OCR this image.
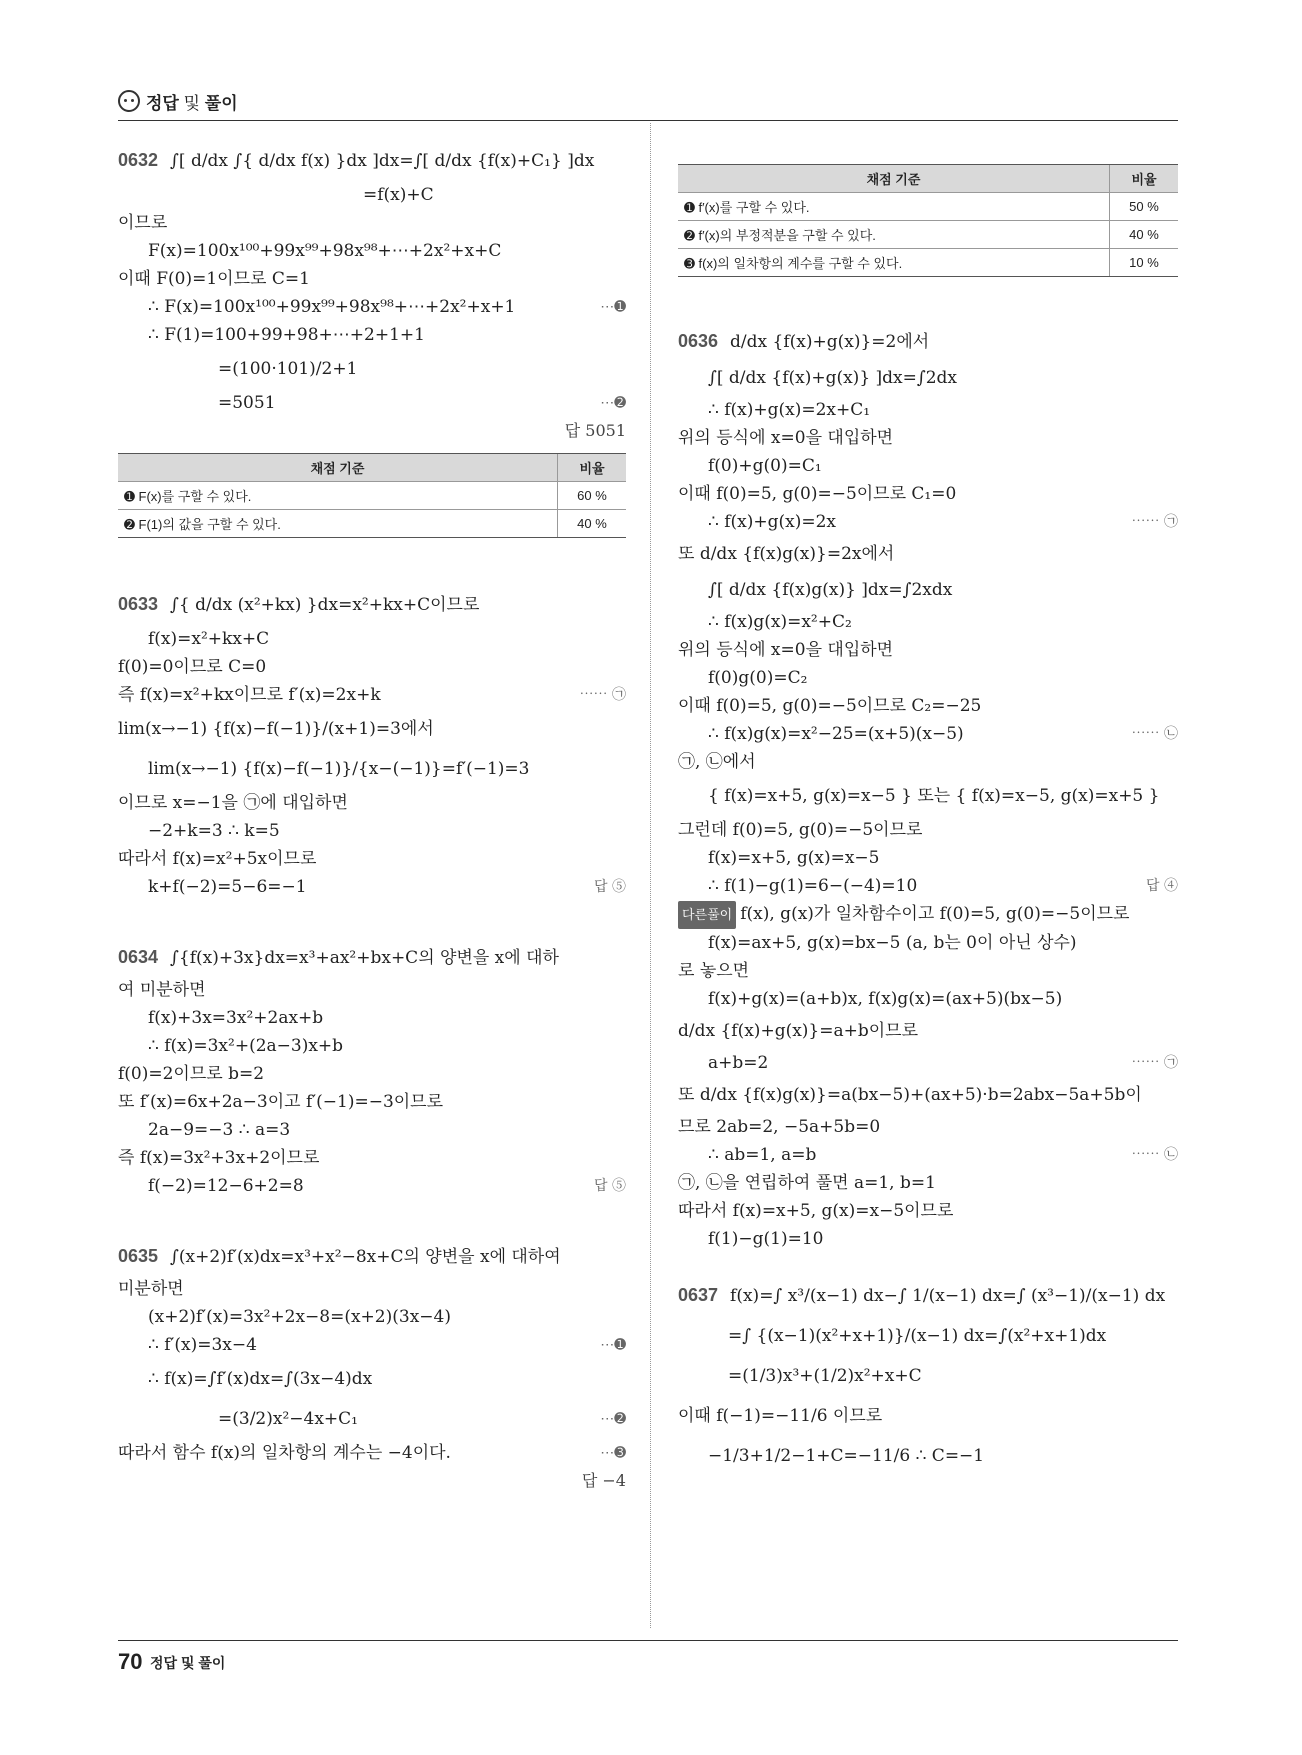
정답 및 풀이
0632 ∫[ d/dx ∫{ d/dx f(x) }dx ]dx=∫[ d/dx {f(x)+C₁} ]dx
=f(x)+C
이므로
F(x)=100x¹⁰⁰+99x⁹⁹+98x⁹⁸+⋯+2x²+x+C
이때 F(0)=1이므로 C=1
∴ F(x)=100x¹⁰⁰+99x⁹⁹+98x⁹⁸+⋯+2x²+x+1	⋯➊
∴ F(1)=100+99+98+⋯+2+1+1
=(100·101)/2+1
=5051	⋯➋
답 5051
채점 기준	비율
➊ F(x)를 구할 수 있다.	60 %
➋ F(1)의 값을 구할 수 있다.	40 %
0633 ∫{ d/dx (x²+kx) }dx=x²+kx+C이므로
f(x)=x²+kx+C
f(0)=0이므로 C=0
즉 f(x)=x²+kx이므로 f′(x)=2x+k	⋯⋯ ㉠
lim(x→−1) {f(x)−f(−1)}/(x+1)=3에서
lim(x→−1) {f(x)−f(−1)}/{x−(−1)}=f′(−1)=3
이므로 x=−1을 ㉠에 대입하면
−2+k=3 ∴ k=5
따라서 f(x)=x²+5x이므로
k+f(−2)=5−6=−1	답 ⑤
0634 ∫{f(x)+3x}dx=x³+ax²+bx+C의 양변을 x에 대하
여 미분하면
f(x)+3x=3x²+2ax+b
∴ f(x)=3x²+(2a−3)x+b
f(0)=2이므로 b=2
또 f′(x)=6x+2a−3이고 f′(−1)=−3이므로
2a−9=−3 ∴ a=3
즉 f(x)=3x²+3x+2이므로
f(−2)=12−6+2=8	답 ⑤
0635 ∫(x+2)f′(x)dx=x³+x²−8x+C의 양변을 x에 대하여
미분하면
(x+2)f′(x)=3x²+2x−8=(x+2)(3x−4)
∴ f′(x)=3x−4	⋯➊
∴ f(x)=∫f′(x)dx=∫(3x−4)dx
=(3/2)x²−4x+C₁	⋯➋
따라서 함수 f(x)의 일차항의 계수는 −4이다.	⋯➌
답 −4
채점 기준	비율
➊ f′(x)를 구할 수 있다.	50 %
➋ f′(x)의 부정적분을 구할 수 있다.	40 %
➌ f(x)의 일차항의 계수를 구할 수 있다.	10 %
0636 d/dx {f(x)+g(x)}=2에서
∫[ d/dx {f(x)+g(x)} ]dx=∫2dx
∴ f(x)+g(x)=2x+C₁
위의 등식에 x=0을 대입하면
f(0)+g(0)=C₁
이때 f(0)=5, g(0)=−5이므로 C₁=0
∴ f(x)+g(x)=2x	⋯⋯ ㉠
또 d/dx {f(x)g(x)}=2x에서
∫[ d/dx {f(x)g(x)} ]dx=∫2xdx
∴ f(x)g(x)=x²+C₂
위의 등식에 x=0을 대입하면
f(0)g(0)=C₂
이때 f(0)=5, g(0)=−5이므로 C₂=−25
∴ f(x)g(x)=x²−25=(x+5)(x−5)	⋯⋯ ㉡
㉠, ㉡에서
{ f(x)=x+5, g(x)=x−5 } 또는 { f(x)=x−5, g(x)=x+5 }
그런데 f(0)=5, g(0)=−5이므로
f(x)=x+5, g(x)=x−5
∴ f(1)−g(1)=6−(−4)=10	답 ④
다른풀이 f(x), g(x)가 일차함수이고 f(0)=5, g(0)=−5이므로
f(x)=ax+5, g(x)=bx−5 (a, b는 0이 아닌 상수)
로 놓으면
f(x)+g(x)=(a+b)x, f(x)g(x)=(ax+5)(bx−5)
d/dx {f(x)+g(x)}=a+b이므로
a+b=2	⋯⋯ ㉠
또 d/dx {f(x)g(x)}=a(bx−5)+(ax+5)·b=2abx−5a+5b이
므로 2ab=2, −5a+5b=0
∴ ab=1, a=b	⋯⋯ ㉡
㉠, ㉡을 연립하여 풀면 a=1, b=1
따라서 f(x)=x+5, g(x)=x−5이므로
f(1)−g(1)=10
0637 f(x)=∫ x³/(x−1) dx−∫ 1/(x−1) dx=∫ (x³−1)/(x−1) dx
=∫ {(x−1)(x²+x+1)}/(x−1) dx=∫(x²+x+1)dx
=(1/3)x³+(1/2)x²+x+C
이때 f(−1)=−11/6 이므로
−1/3+1/2−1+C=−11/6 ∴ C=−1
70 정답 및 풀이
